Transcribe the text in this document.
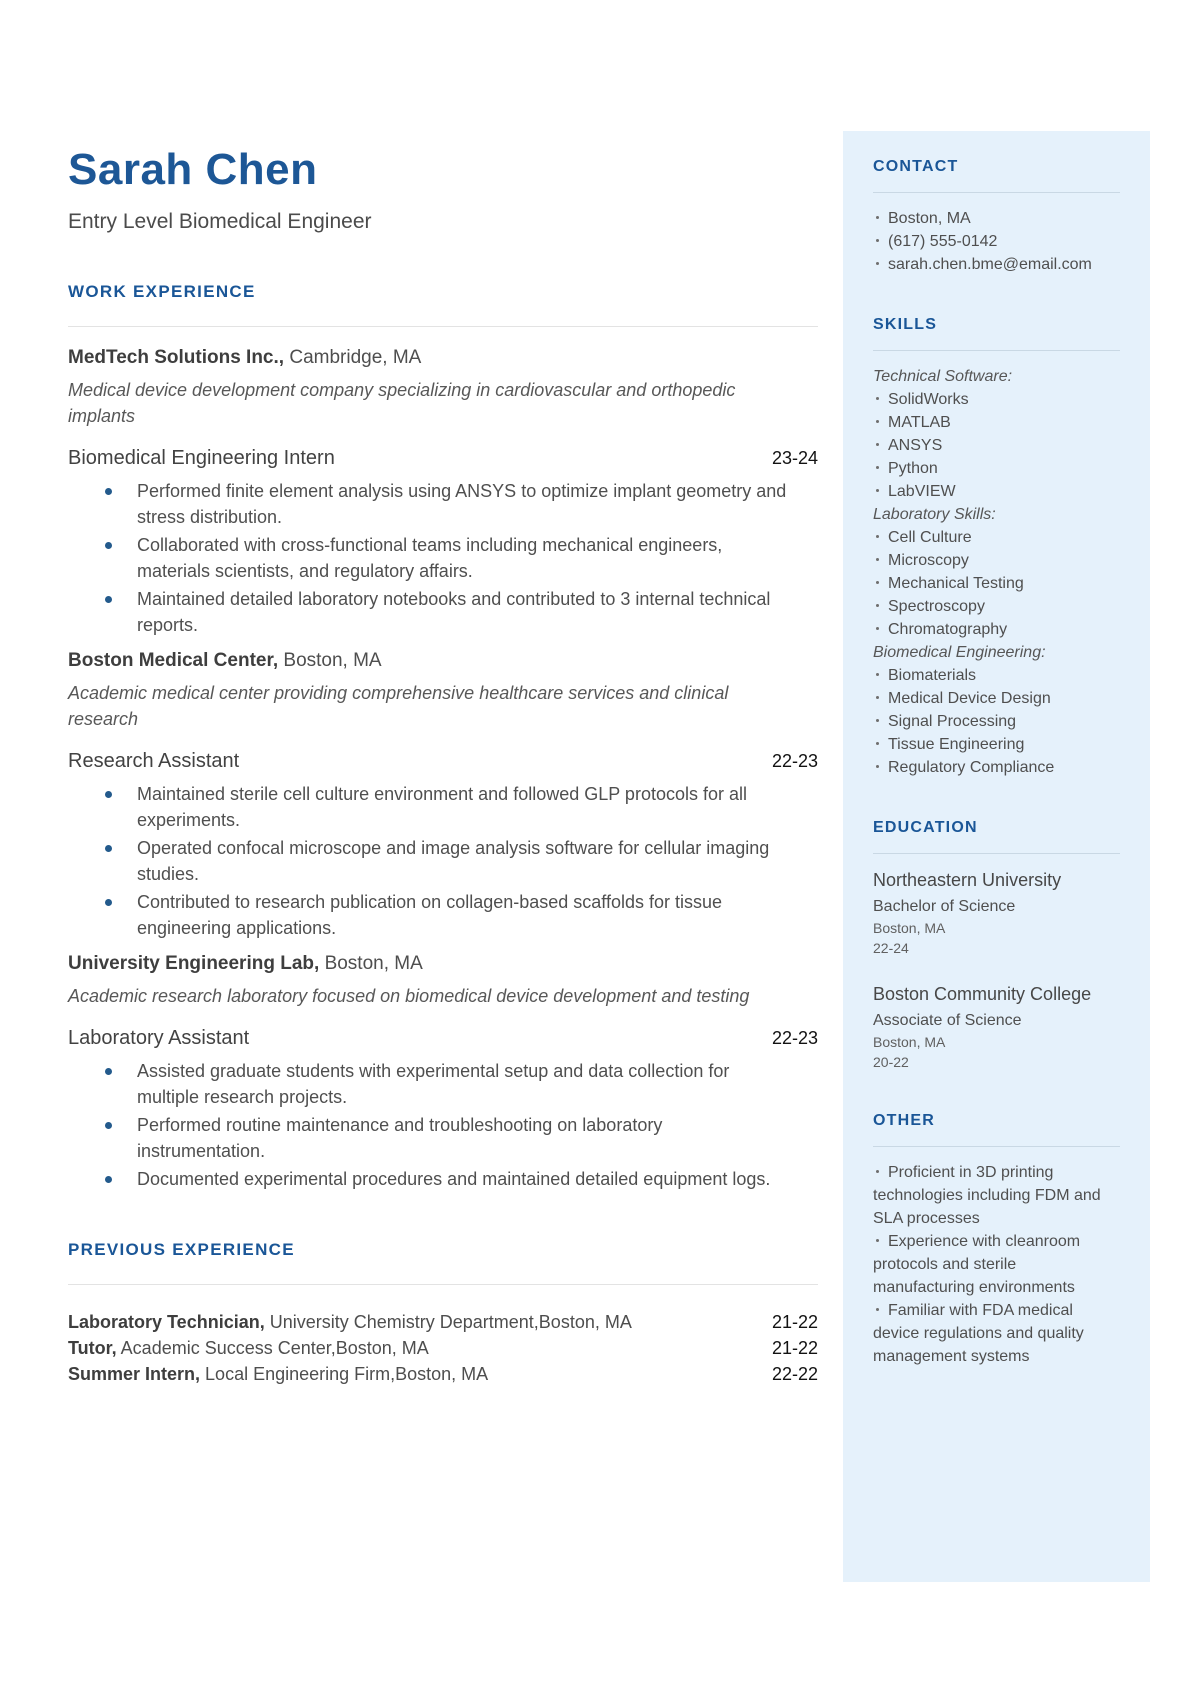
Sarah Chen
Entry Level Biomedical Engineer
WORK EXPERIENCE
MedTech Solutions Inc., Cambridge, MA
Medical device development company specializing in cardiovascular and orthopedic implants
Biomedical Engineering Intern	23-24
Performed finite element analysis using ANSYS to optimize implant geometry and stress distribution.
Collaborated with cross-functional teams including mechanical engineers, materials scientists, and regulatory affairs.
Maintained detailed laboratory notebooks and contributed to 3 internal technical reports.
Boston Medical Center, Boston, MA
Academic medical center providing comprehensive healthcare services and clinical research
Research Assistant	22-23
Maintained sterile cell culture environment and followed GLP protocols for all experiments.
Operated confocal microscope and image analysis software for cellular imaging studies.
Contributed to research publication on collagen-based scaffolds for tissue engineering applications.
University Engineering Lab, Boston, MA
Academic research laboratory focused on biomedical device development and testing
Laboratory Assistant	22-23
Assisted graduate students with experimental setup and data collection for multiple research projects.
Performed routine maintenance and troubleshooting on laboratory instrumentation.
Documented experimental procedures and maintained detailed equipment logs.
PREVIOUS EXPERIENCE
Laboratory Technician, University Chemistry Department,Boston, MA	21-22
Tutor, Academic Success Center,Boston, MA	21-22
Summer Intern, Local Engineering Firm,Boston, MA	22-22
CONTACT
Boston, MA
(617) 555-0142
sarah.chen.bme@email.com
SKILLS
Technical Software:
SolidWorks
MATLAB
ANSYS
Python
LabVIEW
Laboratory Skills:
Cell Culture
Microscopy
Mechanical Testing
Spectroscopy
Chromatography
Biomedical Engineering:
Biomaterials
Medical Device Design
Signal Processing
Tissue Engineering
Regulatory Compliance
EDUCATION
Northeastern University
Bachelor of Science
Boston, MA
22-24
Boston Community College
Associate of Science
Boston, MA
20-22
OTHER
Proficient in 3D printing technologies including FDM and SLA processes
Experience with cleanroom protocols and sterile manufacturing environments
Familiar with FDA medical device regulations and quality management systems
